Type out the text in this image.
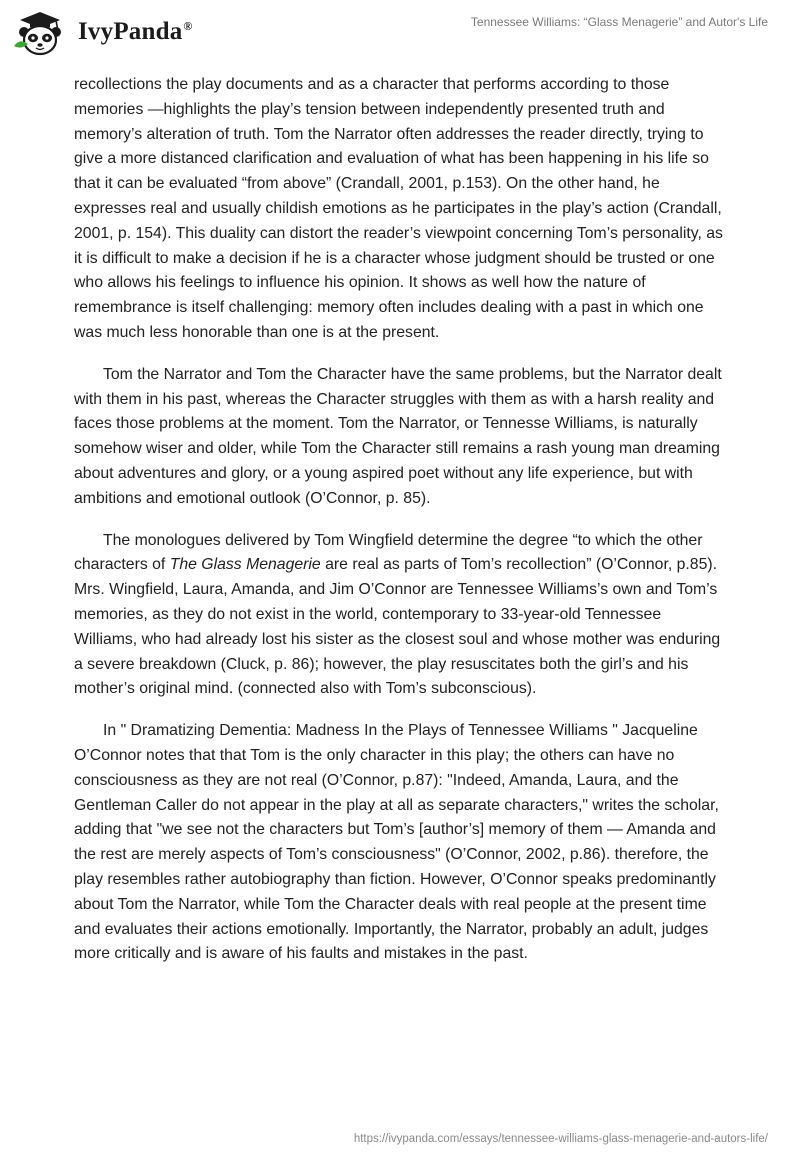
IvyPanda®	Tennessee Williams: “Glass Menagerie” and Autor's Life

recollections the play documents and as a character that performs according to those memories —highlights the play’s tension between independently presented truth and memory’s alteration of truth. Tom the Narrator often addresses the reader directly, trying to give a more distanced clarification and evaluation of what has been happening in his life so that it can be evaluated “from above” (Crandall, 2001, p.153). On the other hand, he expresses real and usually childish emotions as he participates in the play’s action (Crandall, 2001, p. 154). This duality can distort the reader’s viewpoint concerning Tom’s personality, as it is difficult to make a decision if he is a character whose judgment should be trusted or one who allows his feelings to influence his opinion. It shows as well how the nature of remembrance is itself challenging: memory often includes dealing with a past in which one was much less honorable than one is at the present.

Tom the Narrator and Tom the Character have the same problems, but the Narrator dealt with them in his past, whereas the Character struggles with them as with a harsh reality and faces those problems at the moment. Tom the Narrator, or Tennesse Williams, is naturally somehow wiser and older, while Tom the Character still remains a rash young man dreaming about adventures and glory, or a young aspired poet without any life experience, but with ambitions and emotional outlook (O’Connor, p. 85).

The monologues delivered by Tom Wingfield determine the degree “to which the other characters of The Glass Menagerie are real as parts of Tom’s recollection” (O’Connor, p.85). Mrs. Wingfield, Laura, Amanda, and Jim O’Connor are Tennessee Williams’s own and Tom’s memories, as they do not exist in the world, contemporary to 33-year-old Tennessee Williams, who had already lost his sister as the closest soul and whose mother was enduring a severe breakdown (Cluck, p. 86); however, the play resuscitates both the girl’s and his mother’s original mind. (connected also with Tom’s subconscious).

In " Dramatizing Dementia: Madness In the Plays of Tennessee Williams " Jacqueline O’Connor notes that that Tom is the only character in this play; the others can have no consciousness as they are not real (O’Connor, p.87): "Indeed, Amanda, Laura, and the Gentleman Caller do not appear in the play at all as separate characters," writes the scholar, adding that "we see not the characters but Tom’s [author’s] memory of them — Amanda and the rest are merely aspects of Tom’s consciousness" (O’Connor, 2002, p.86). therefore, the play resembles rather autobiography than fiction. However, O’Connor speaks predominantly about Tom the Narrator, while Tom the Character deals with real people at the present time and evaluates their actions emotionally. Importantly, the Narrator, probably an adult, judges more critically and is aware of his faults and mistakes in the past.

https://ivypanda.com/essays/tennessee-williams-glass-menagerie-and-autors-life/
